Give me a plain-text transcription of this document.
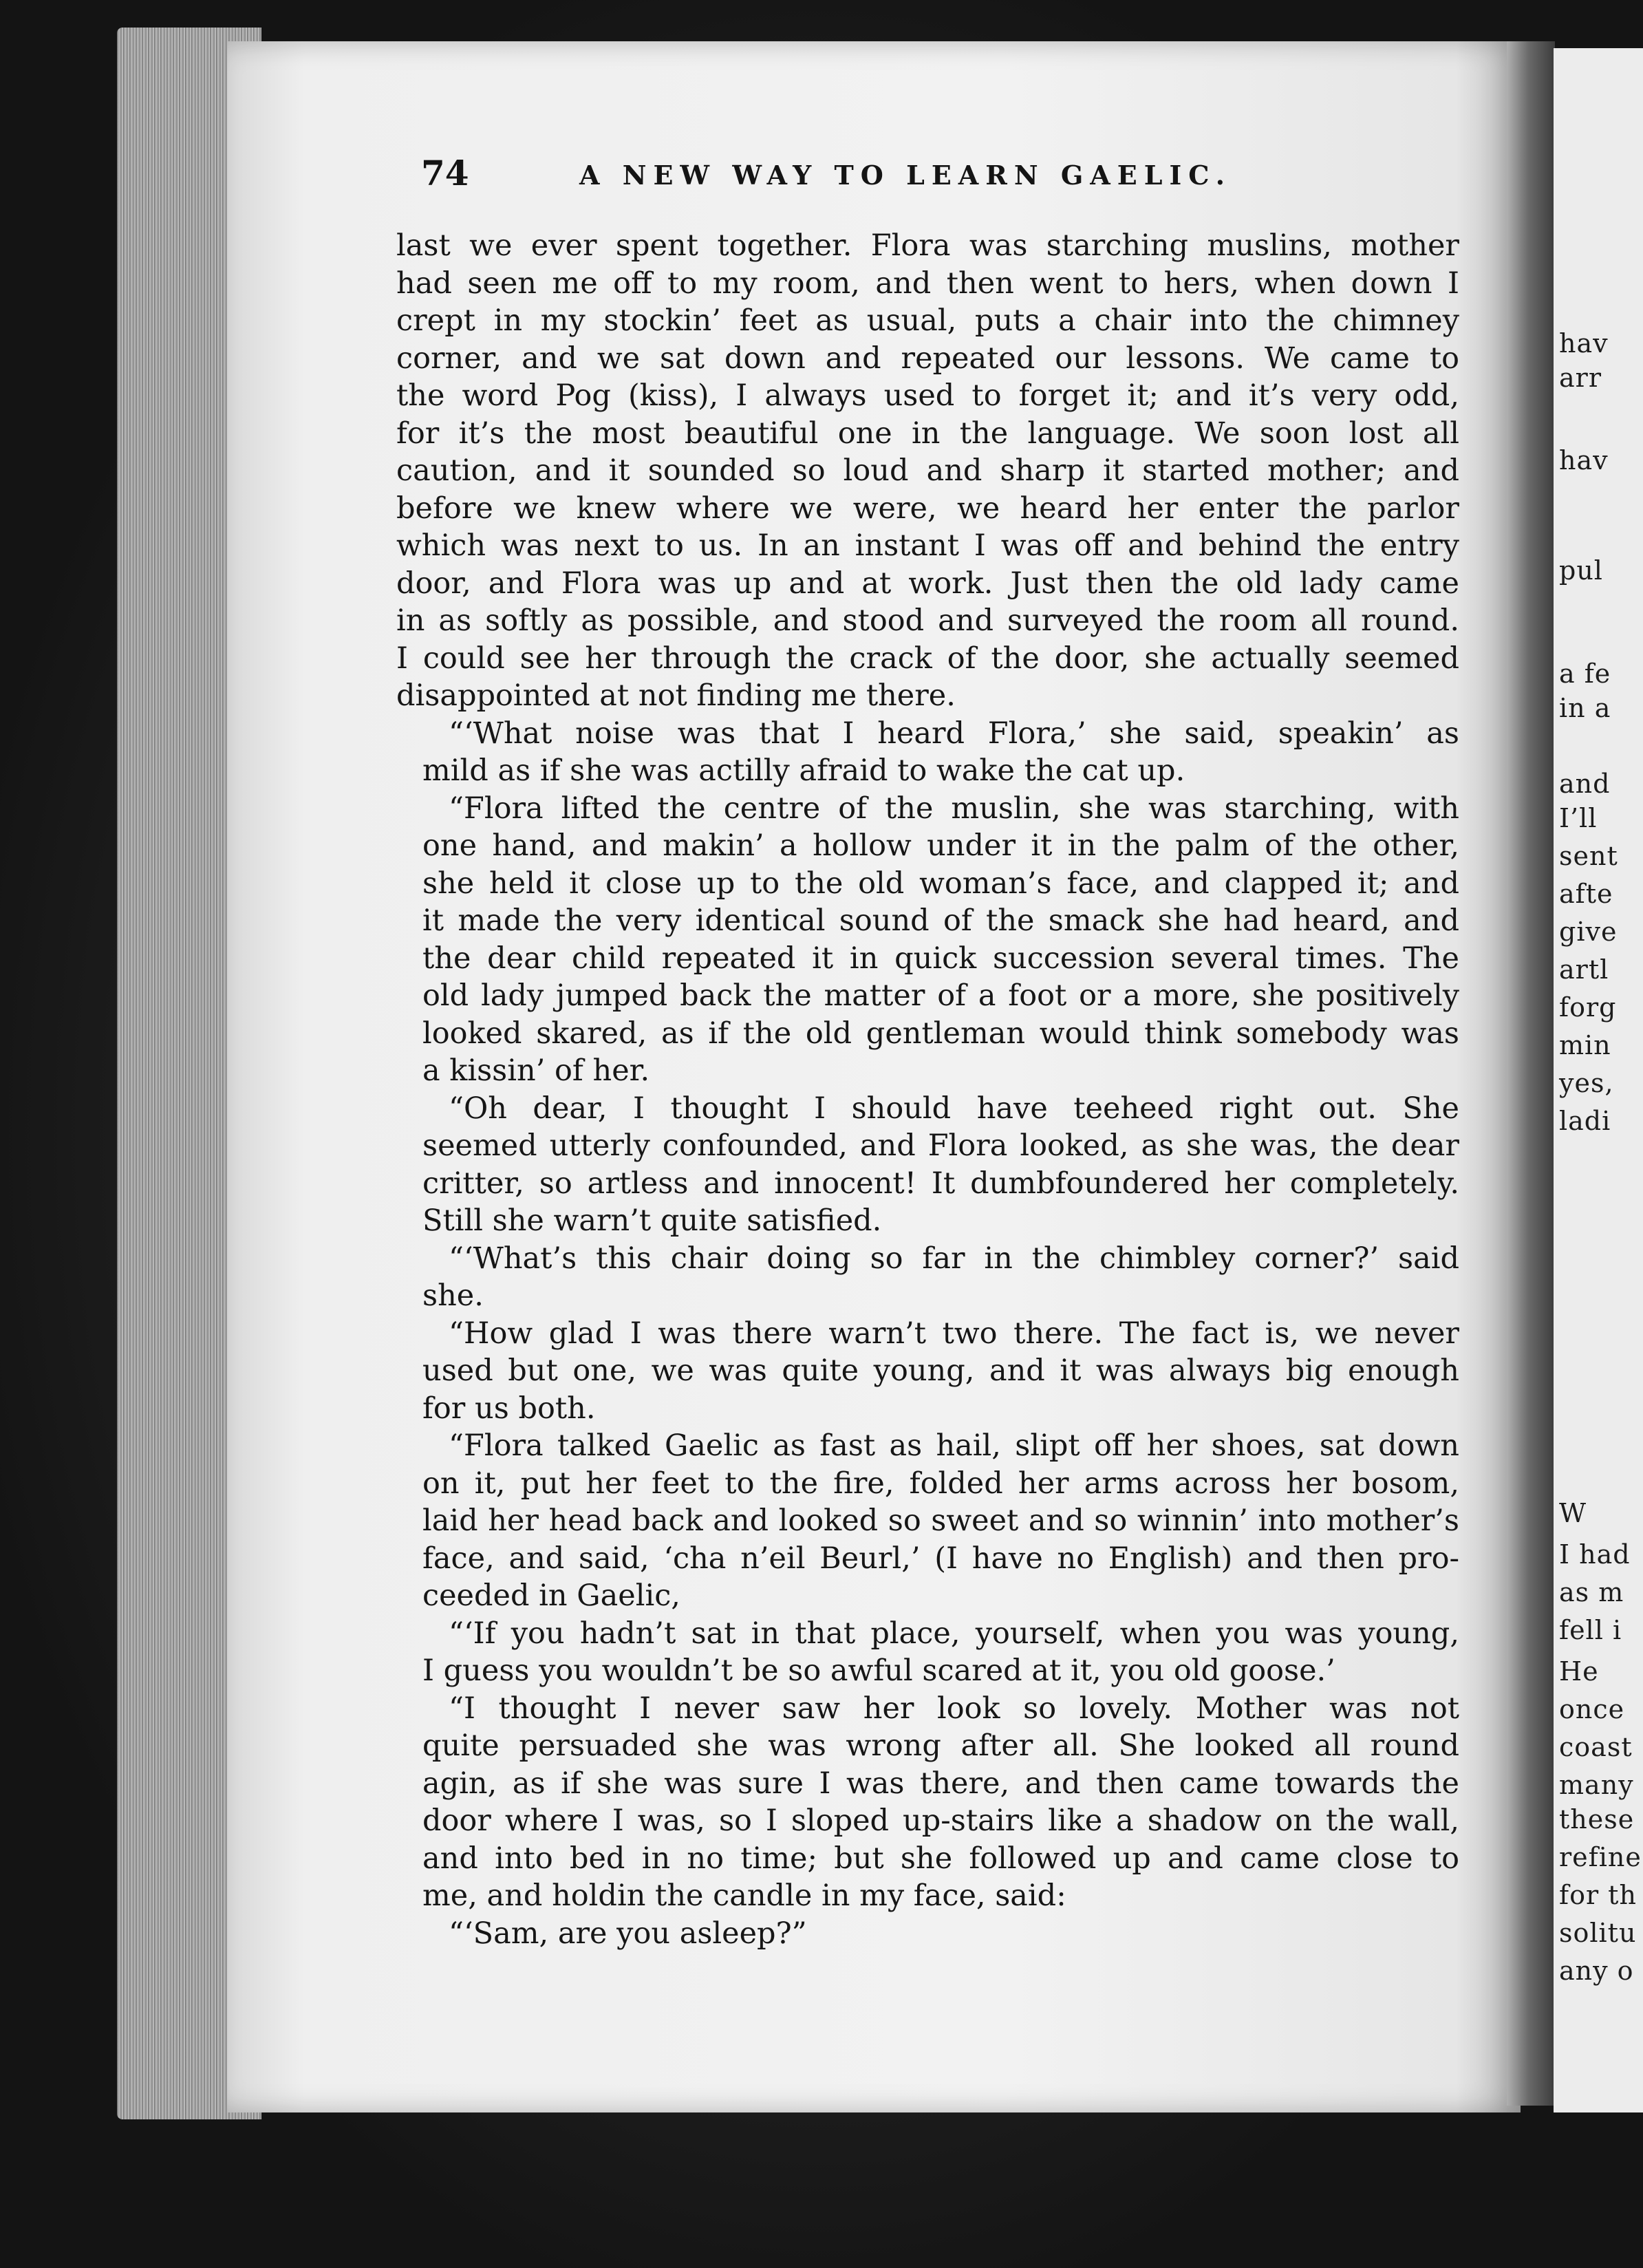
hav
arr
hav
pul
a fe
in a
and
I’ll
sent
afte
give
artl
forg
min
yes,
ladi
W
I had
as m
fell i
He
once
coast
many
these
refine
for th
solitu
any o
74	A NEW WAY TO LEARN GAELIC.

last we ever spent together. Flora was starching muslins, mother
had seen me off to my room, and then went to hers, when down I
crept in my stockin’ feet as usual, puts a chair into the chimney
corner, and we sat down and repeated our lessons. We came to
the word Pog (kiss), I always used to forget it; and it’s very odd,
for it’s the most beautiful one in the language. We soon lost all
caution, and it sounded so loud and sharp it started mother; and
before we knew where we were, we heard her enter the parlor
which was next to us. In an instant I was off and behind the entry
door, and Flora was up and at work. Just then the old lady came
in as softly as possible, and stood and surveyed the room all round.
I could see her through the crack of the door, she actually seemed
disappointed at not finding me there.

“‘What noise was that I heard Flora,’ she said, speakin’ as
mild as if she was actilly afraid to wake the cat up.

“Flora lifted the centre of the muslin, she was starching, with
one hand, and makin’ a hollow under it in the palm of the other,
she held it close up to the old woman’s face, and clapped it; and
it made the very identical sound of the smack she had heard, and
the dear child repeated it in quick succession several times. The
old lady jumped back the matter of a foot or a more, she positively
looked skared, as if the old gentleman would think somebody was
a kissin’ of her.

“Oh dear, I thought I should have teeheed right out. She
seemed utterly confounded, and Flora looked, as she was, the dear
critter, so artless and innocent! It dumbfoundered her completely.
Still she warn’t quite satisfied.

“‘What’s this chair doing so far in the chimbley corner?’ said
she.

“How glad I was there warn’t two there. The fact is, we never
used but one, we was quite young, and it was always big enough
for us both.

“Flora talked Gaelic as fast as hail, slipt off her shoes, sat down
on it, put her feet to the fire, folded her arms across her bosom,
laid her head back and looked so sweet and so winnin’ into mother’s
face, and said, ‘cha n’eil Beurl,’ (I have no English) and then pro-
ceeded in Gaelic,

“‘If you hadn’t sat in that place, yourself, when you was young,
I guess you wouldn’t be so awful scared at it, you old goose.’

“I thought I never saw her look so lovely. Mother was not
quite persuaded she was wrong after all. She looked all round
agin, as if she was sure I was there, and then came towards the
door where I was, so I sloped up-stairs like a shadow on the wall,
and into bed in no time; but she followed up and came close to
me, and holdin the candle in my face, said:

“‘Sam, are you asleep?”
